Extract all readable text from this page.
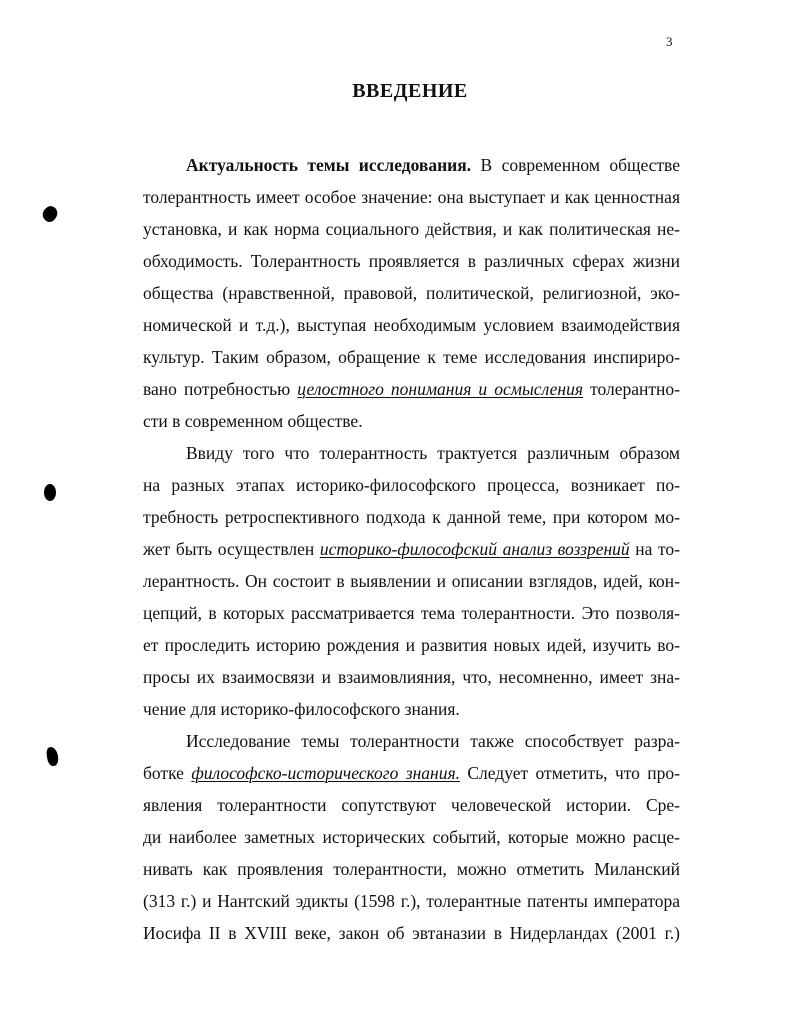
3
ВВЕДЕНИЕ
Актуальность темы исследования. В современном обществе
толерантность имеет особое значение: она выступает и как ценностная
установка, и как норма социального действия, и как политическая не-
обходимость. Толерантность проявляется в различных сферах жизни
общества (нравственной, правовой, политической, религиозной, эко-
номической и т.д.), выступая необходимым условием взаимодействия
культур. Таким образом, обращение к теме исследования инспириро-
вано потребностью целостного понимания и осмысления толерантно-
сти в современном обществе.
Ввиду того что толерантность трактуется различным образом
на разных этапах историко-философского процесса, возникает по-
требность ретроспективного подхода к данной теме, при котором мо-
жет быть осуществлен историко-философский анализ воззрений на то-
лерантность. Он состоит в выявлении и описании взглядов, идей, кон-
цепций, в которых рассматривается тема толерантности. Это позволя-
ет проследить историю рождения и развития новых идей, изучить во-
просы их взаимосвязи и взаимовлияния, что, несомненно, имеет зна-
чение для историко-философского знания.
Исследование темы толерантности также способствует разра-
ботке философско-исторического знания. Следует отметить, что про-
явления толерантности сопутствуют человеческой истории. Сре-
ди наиболее заметных исторических событий, которые можно расце-
нивать как проявления толерантности, можно отметить Миланский
(313 г.) и Нантский эдикты (1598 г.), толерантные патенты императора
Иосифа II в XVIII веке, закон об эвтаназии в Нидерландах (2001 г.)
